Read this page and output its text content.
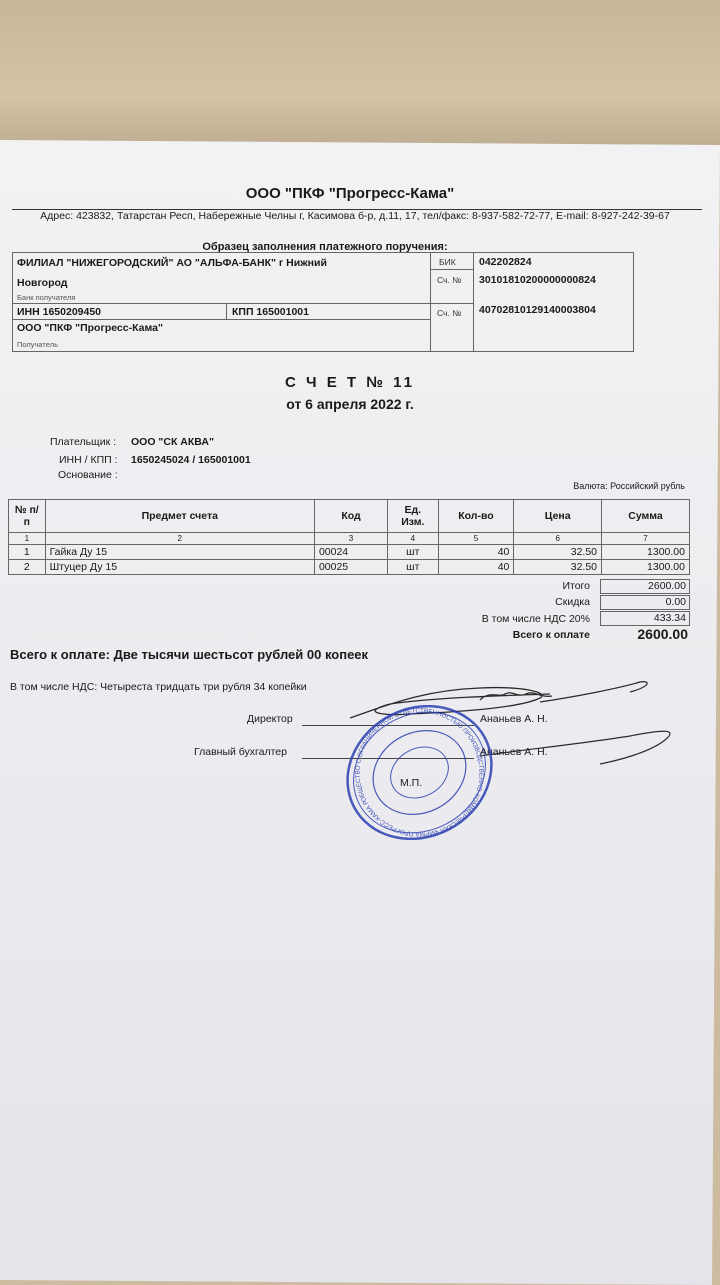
ООО "ПКФ "Прогресс-Кама"
Адрес: 423832, Татарстан Респ, Набережные Челны г, Касимова б-р, д.11, 17, тел/факс: 8-937-582-72-77, E-mail: 8-927-242-39-67
Образец заполнения платежного поручения:
ФИЛИАЛ "НИЖЕГОРОДСКИЙ" АО "АЛЬФА-БАНК" г Нижний
Новгород
Банк получателя
БИК 042202824
Сч. № 30101810200000000824
ИНН 1650209450	КПП 165001001	Сч. № 40702810129140003804
ООО "ПКФ "Прогресс-Кама"
Получатель
С Ч Е Т № 11
от 6 апреля 2022 г.
Плательщик : ООО "СК АКВА"
ИНН / КПП : 1650245024 / 165001001
Основание :
Валюта: Российский рубль
№ п/п	Предмет счета	Код	Ед. Изм.	Кол-во	Цена	Сумма
1	2	3	4	5	6	7
1	Гайка Ду 15	00024	шт	40	32.50	1300.00
2	Штуцер Ду 15	00025	шт	40	32.50	1300.00
Итого	2600.00
Скидка	0.00
В том числе НДС 20%	433.34
Всего к оплате	2600.00
Всего к оплате: Две тысячи шестьсот рублей 00 копеек
В том числе НДС: Четыреста тридцать три рубля 34 копейки
Директор	Ананьев А. Н.
Главный бухгалтер	Ананьев А. Н.
М.П.
ОБЩЕСТВО С ОГРАНИЧЕННОЙ ОТВЕТСТВЕННОСТЬЮ ПРОИЗВОДСТВЕННО-КОММЕРЧЕСКАЯ ФИРМА ПРОГРЕСС-КАМА РЕСПУБЛИКА
